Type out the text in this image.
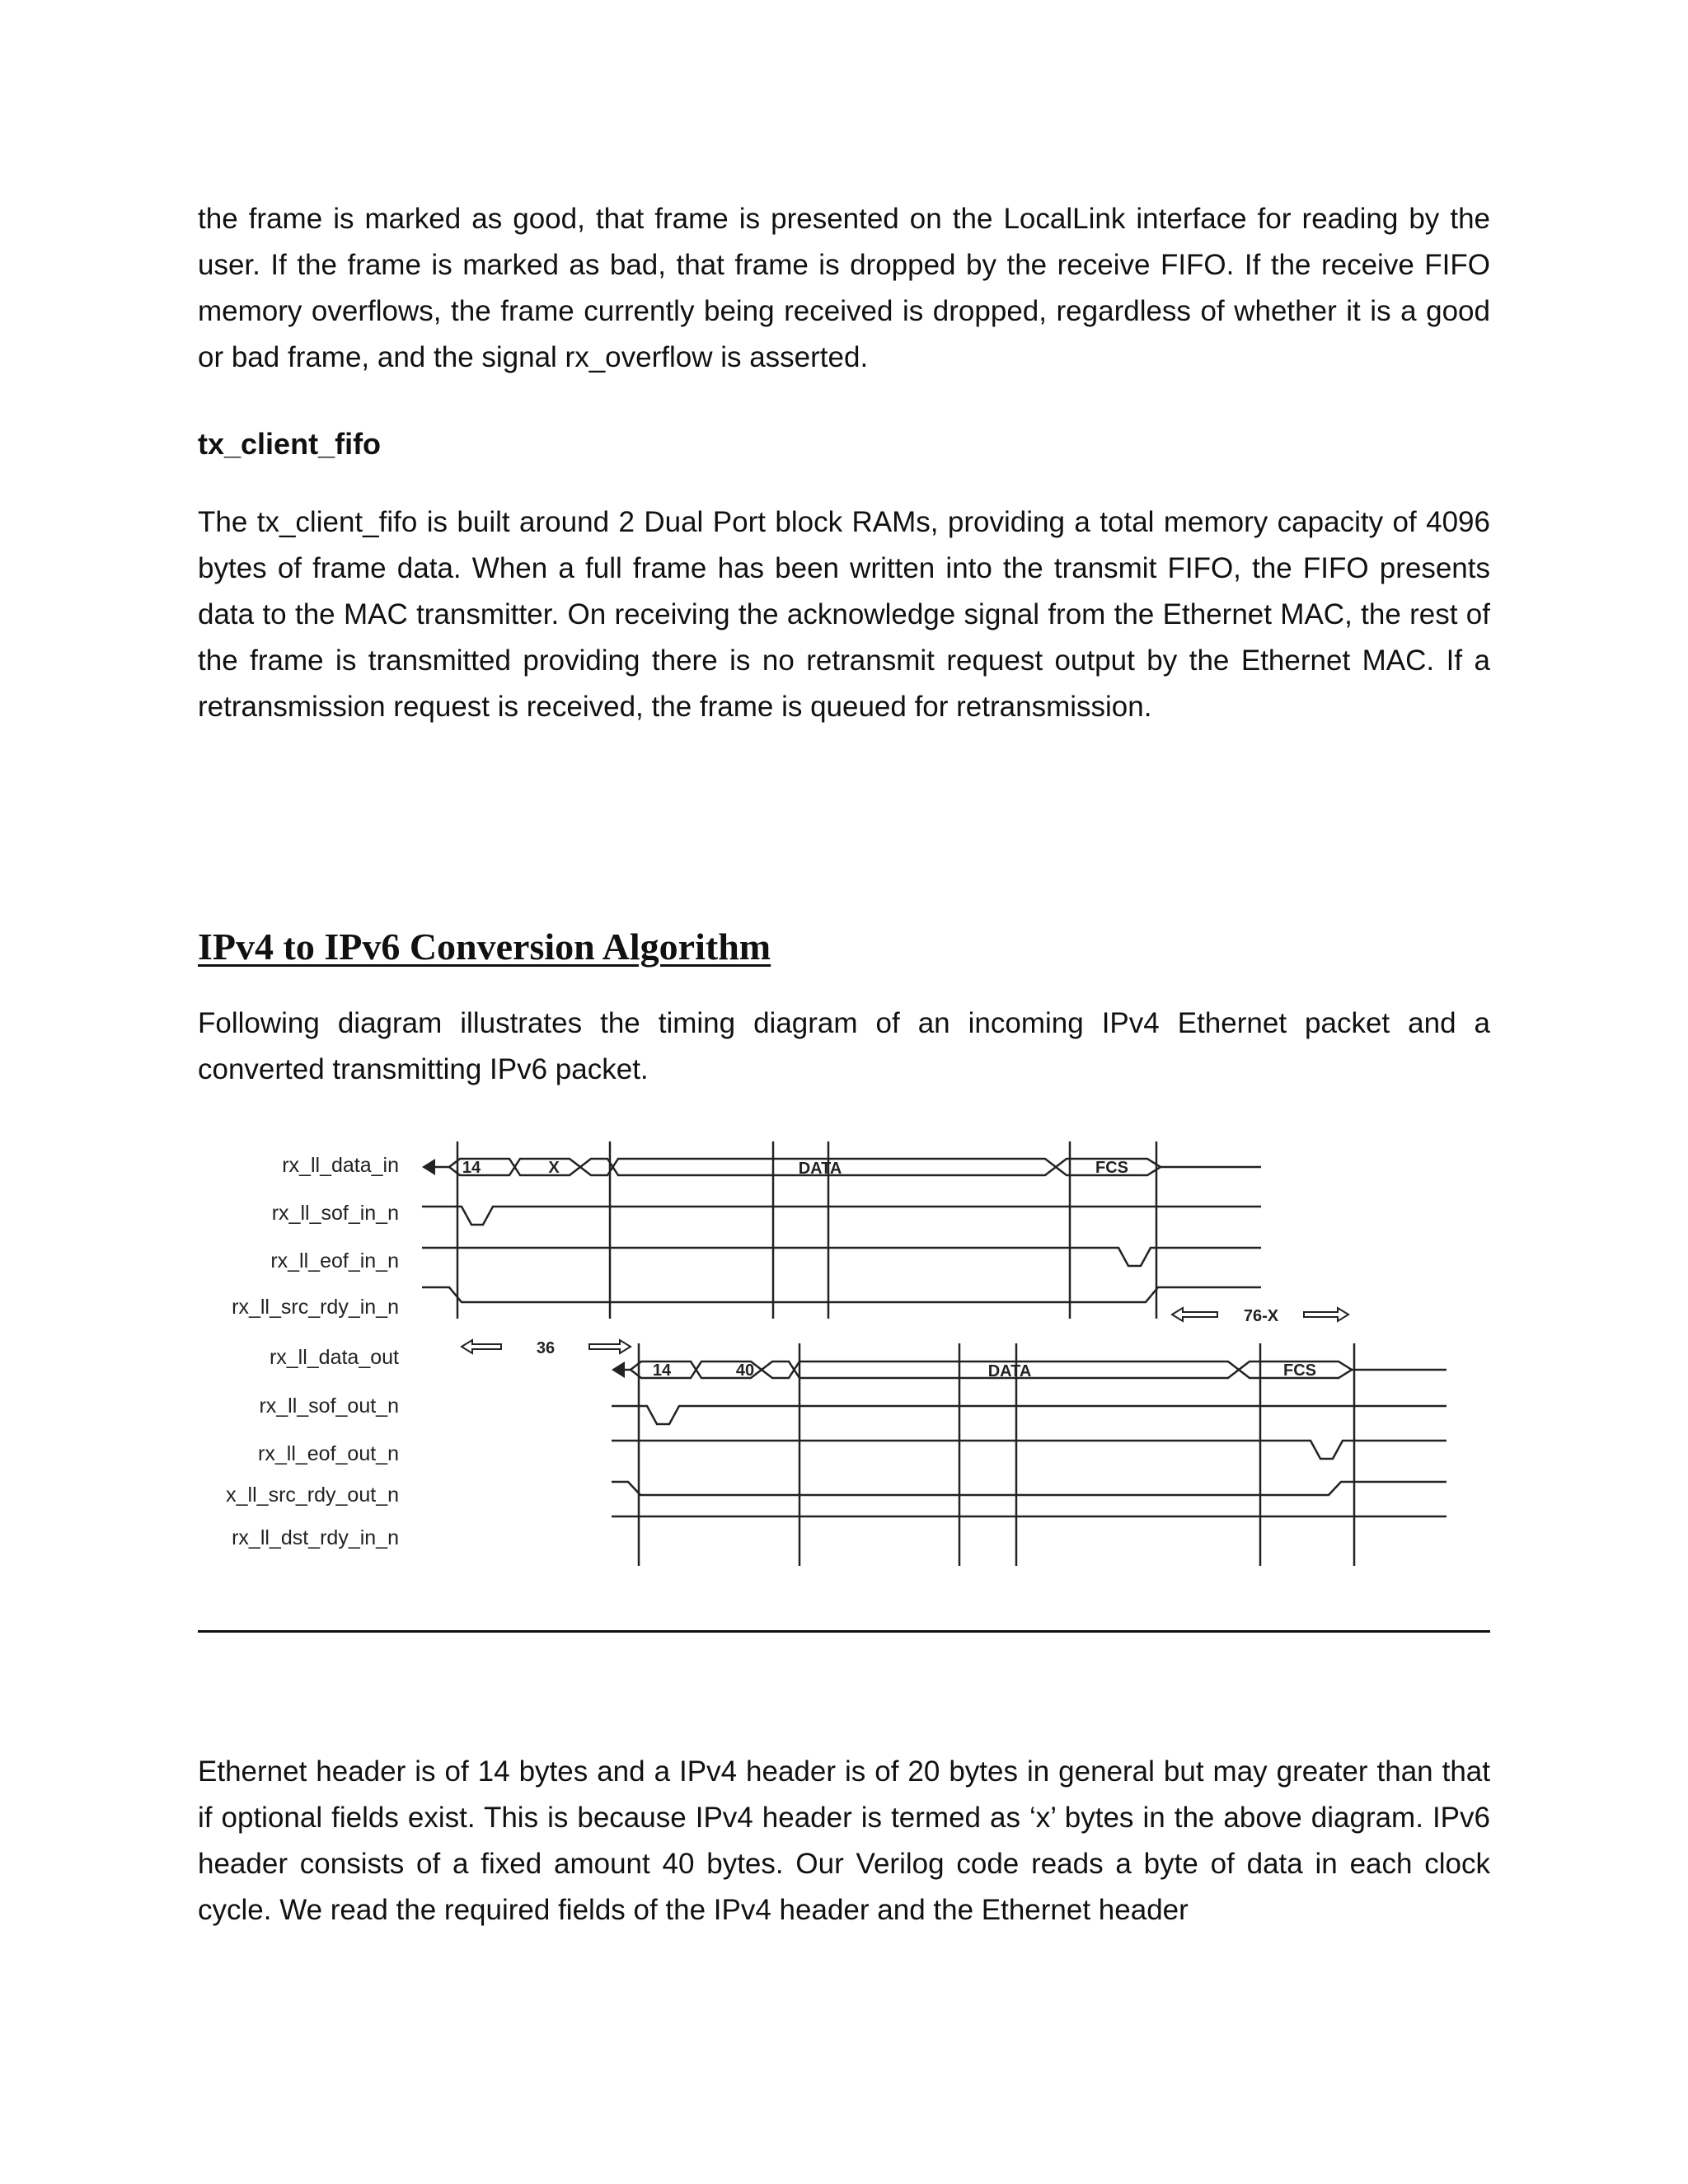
the frame is marked as good, that frame is presented on the LocalLink interface for reading by the user. If the frame is marked as bad, that frame is dropped by the receive FIFO. If the receive FIFO memory overflows, the frame currently being received is dropped, regardless of whether it is a good or bad frame, and the signal rx_overflow is asserted.

tx_client_fifo

The tx_client_fifo is built around 2 Dual Port block RAMs, providing a total memory capacity of 4096 bytes of frame data. When a full frame has been written into the transmit FIFO, the FIFO presents data to the MAC transmitter. On receiving the acknowledge signal from the Ethernet MAC, the rest of the frame is transmitted providing there is no retransmit request output by the Ethernet MAC. If a retransmission request is received, the frame is queued for retransmission.

IPv4 to IPv6 Conversion Algorithm

Following diagram illustrates the timing diagram of an incoming IPv4 Ethernet packet and a converted transmitting IPv6 packet.

rx_ll_data_in
rx_ll_sof_in_n
rx_ll_eof_in_n
rx_ll_src_rdy_in_n
rx_ll_data_out
rx_ll_sof_out_n
rx_ll_eof_out_n
x_ll_src_rdy_out_n
rx_ll_dst_rdy_in_n
14	X	DATA	FCS
14	40	DATA	FCS
36
76-X

Ethernet header is of 14 bytes and a IPv4 header is of 20 bytes in general but may greater than that if optional fields exist. This is because IPv4 header is termed as ‘x’ bytes in the above diagram. IPv6 header consists of a fixed amount 40 bytes. Our Verilog code reads a byte of data in each clock cycle. We read the required fields of the IPv4 header and the Ethernet header
